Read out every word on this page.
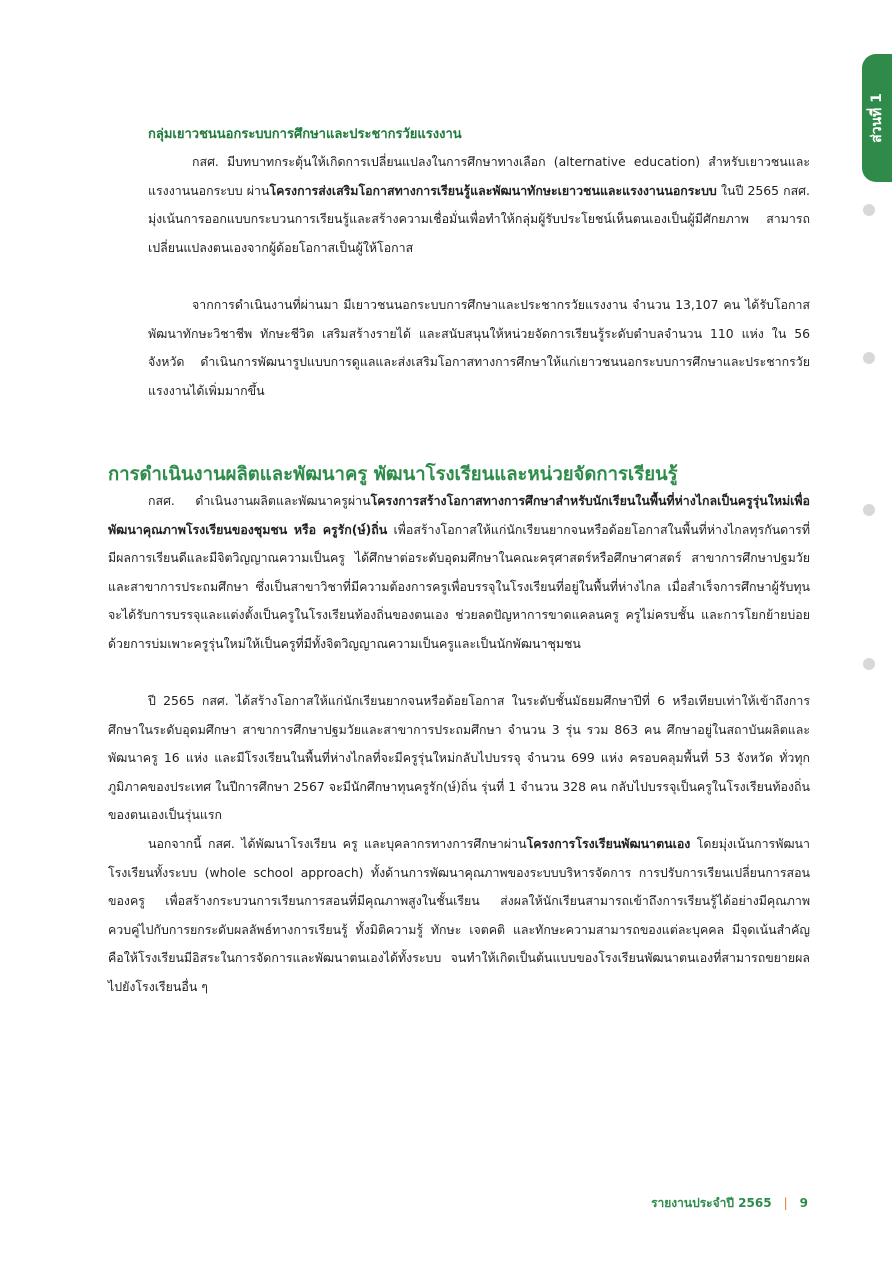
ส่วนที่ 1
กลุ่มเยาวชนนอกระบบการศึกษาและประชากรวัยแรงงาน

กสศ. มีบทบาทกระตุ้นให้เกิดการเปลี่ยนแปลงในการศึกษาทางเลือก (alternative education) สำหรับเยาวชนและแรงงานนอกระบบ ผ่านโครงการส่งเสริมโอกาสทางการเรียนรู้และพัฒนาทักษะเยาวชนและแรงงานนอกระบบ ในปี 2565 กสศ. มุ่งเน้นการออกแบบกระบวนการเรียนรู้และสร้างความเชื่อมั่นเพื่อทำให้กลุ่มผู้รับประโยชน์เห็นตนเองเป็นผู้มีศักยภาพ สามารถเปลี่ยนแปลงตนเองจากผู้ด้อยโอกาสเป็นผู้ให้โอกาส

จากการดำเนินงานที่ผ่านมา มีเยาวชนนอกระบบการศึกษาและประชากรวัยแรงงาน จำนวน 13,107 คน ได้รับโอกาสพัฒนาทักษะวิชาชีพ ทักษะชีวิต เสริมสร้างรายได้ และสนับสนุนให้หน่วยจัดการเรียนรู้ระดับตำบลจำนวน 110 แห่ง ใน 56 จังหวัด ดำเนินการพัฒนารูปแบบการดูแลและส่งเสริมโอกาสทางการศึกษาให้แก่เยาวชนนอกระบบการศึกษาและประชากรวัยแรงงานได้เพิ่มมากขึ้น

การดำเนินงานผลิตและพัฒนาครู พัฒนาโรงเรียนและหน่วยจัดการเรียนรู้

กสศ. ดำเนินงานผลิตและพัฒนาครูผ่านโครงการสร้างโอกาสทางการศึกษาสำหรับนักเรียนในพื้นที่ห่างไกลเป็นครูรุ่นใหม่เพื่อพัฒนาคุณภาพโรงเรียนของชุมชน หรือ ครูรัก(ษ์)ถิ่น เพื่อสร้างโอกาสให้แก่นักเรียนยากจนหรือด้อยโอกาสในพื้นที่ห่างไกลทุรกันดารที่มีผลการเรียนดีและมีจิตวิญญาณความเป็นครู ได้ศึกษาต่อระดับอุดมศึกษาในคณะครุศาสตร์หรือศึกษาศาสตร์ สาขาการศึกษาปฐมวัยและสาขาการประถมศึกษา ซึ่งเป็นสาขาวิชาที่มีความต้องการครูเพื่อบรรจุในโรงเรียนที่อยู่ในพื้นที่ห่างไกล เมื่อสำเร็จการศึกษาผู้รับทุนจะได้รับการบรรจุและแต่งตั้งเป็นครูในโรงเรียนท้องถิ่นของตนเอง ช่วยลดปัญหาการขาดแคลนครู ครูไม่ครบชั้น และการโยกย้ายบ่อยด้วยการบ่มเพาะครูรุ่นใหม่ให้เป็นครูที่มีทั้งจิตวิญญาณความเป็นครูและเป็นนักพัฒนาชุมชน

ปี 2565 กสศ. ได้สร้างโอกาสให้แก่นักเรียนยากจนหรือด้อยโอกาส ในระดับชั้นมัธยมศึกษาปีที่ 6 หรือเทียบเท่าให้เข้าถึงการศึกษาในระดับอุดมศึกษา สาขาการศึกษาปฐมวัยและสาขาการประถมศึกษา จำนวน 3 รุ่น รวม 863 คน ศึกษาอยู่ในสถาบันผลิตและพัฒนาครู 16 แห่ง และมีโรงเรียนในพื้นที่ห่างไกลที่จะมีครูรุ่นใหม่กลับไปบรรจุ จำนวน 699 แห่ง ครอบคลุมพื้นที่ 53 จังหวัด ทั่วทุกภูมิภาคของประเทศ ในปีการศึกษา 2567 จะมีนักศึกษาทุนครูรัก(ษ์)ถิ่น รุ่นที่ 1 จำนวน 328 คน กลับไปบรรจุเป็นครูในโรงเรียนท้องถิ่นของตนเองเป็นรุ่นแรก

นอกจากนี้ กสศ. ได้พัฒนาโรงเรียน ครู และบุคลากรทางการศึกษาผ่านโครงการโรงเรียนพัฒนาตนเอง โดยมุ่งเน้นการพัฒนาโรงเรียนทั้งระบบ (whole school approach) ทั้งด้านการพัฒนาคุณภาพของระบบบริหารจัดการ การปรับการเรียนเปลี่ยนการสอนของครู เพื่อสร้างกระบวนการเรียนการสอนที่มีคุณภาพสูงในชั้นเรียน ส่งผลให้นักเรียนสามารถเข้าถึงการเรียนรู้ได้อย่างมีคุณภาพ ควบคู่ไปกับการยกระดับผลลัพธ์ทางการเรียนรู้ ทั้งมิติความรู้ ทักษะ เจตคติ และทักษะความสามารถของแต่ละบุคคล มีจุดเน้นสำคัญ คือให้โรงเรียนมีอิสระในการจัดการและพัฒนาตนเองได้ทั้งระบบ จนทำให้เกิดเป็นต้นแบบของโรงเรียนพัฒนาตนเองที่สามารถขยายผลไปยังโรงเรียนอื่น ๆ

รายงานประจำปี 2565 | 9
